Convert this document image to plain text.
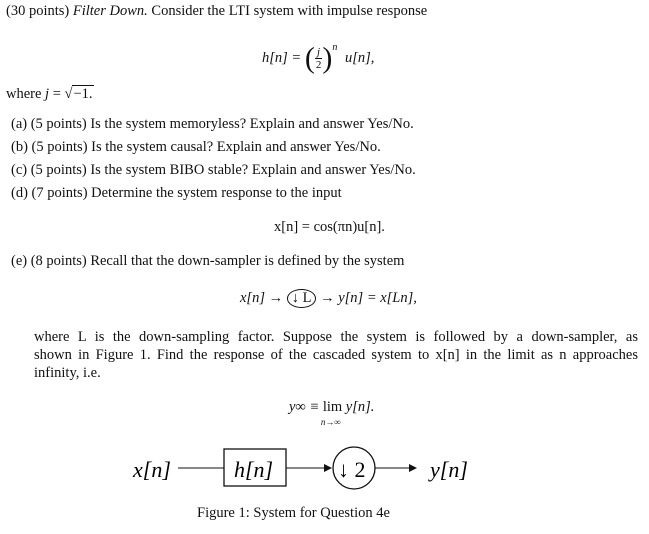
(30 points) Filter Down. Consider the LTI system with impulse response
h[n] = ( $\frac{j}{2} )^n$ u[n],
where j = √−1.
(a) (5 points) Is the system memoryless? Explain and answer Yes/No.
(b) (5 points) Is the system causal? Explain and answer Yes/No.
(c) (5 points) Is the system BIBO stable? Explain and answer Yes/No.
(d) (7 points) Determine the system response to the input
x[n] = cos(πn)u[n].
(e) (8 points) Recall that the down-sampler is defined by the system
x[n] → ↓ L → y[n] = x[Ln],
where L is the down-sampling factor. Suppose the system is followed by a down-sampler, as
shown in Figure 1. Find the response of the cascaded system to x[n] in the limit as n approaches
infinity, i.e.
y∞ ≡ lim
n→∞
y[n].
x[n]	h[n]	↓ 2	y[n]
Figure 1: System for Question 4e
